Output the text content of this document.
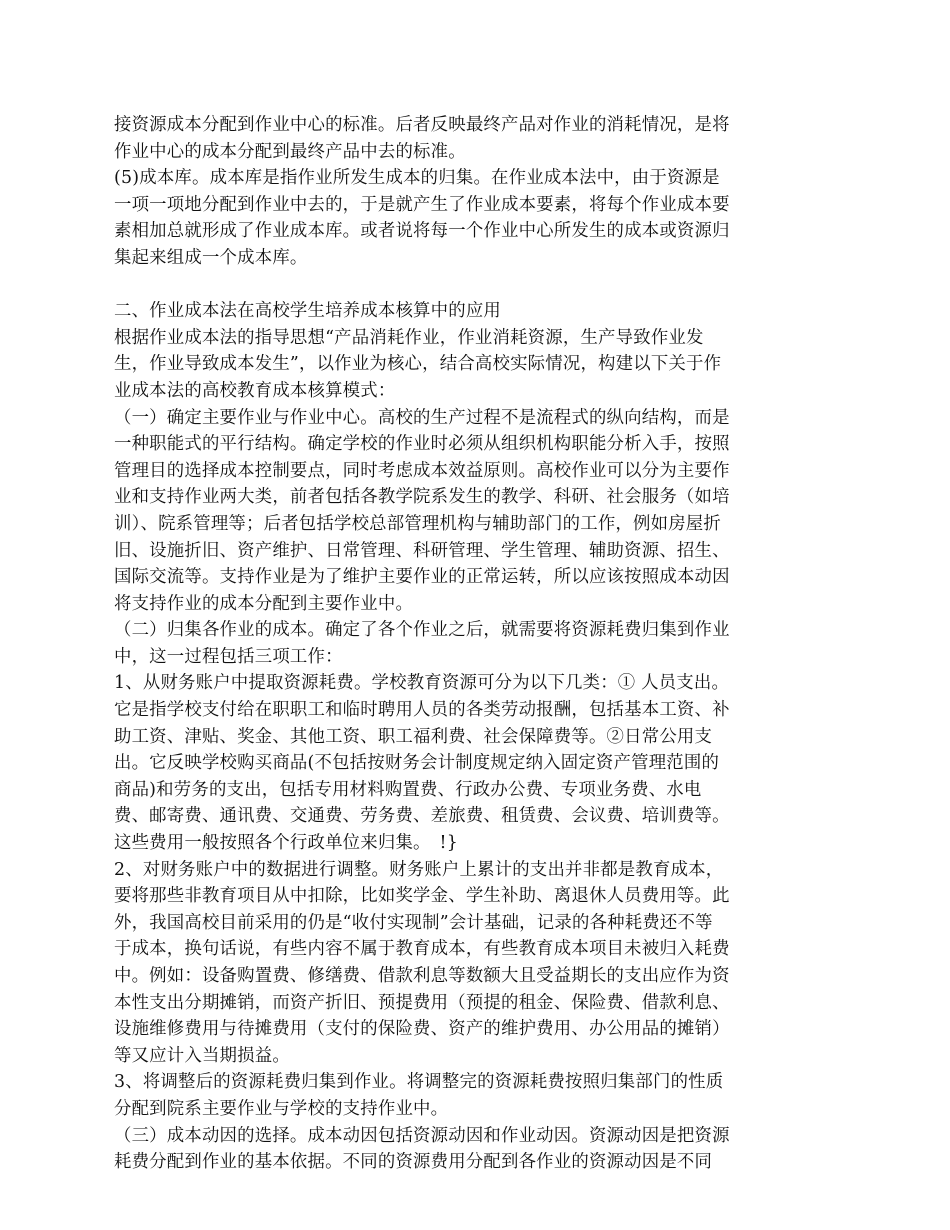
接资源成本分配到作业中心的标准。后者反映最终产品对作业的消耗情况，是将
作业中心的成本分配到最终产品中去的标准。
(5)成本库。成本库是指作业所发生成本的归集。在作业成本法中，由于资源是
一项一项地分配到作业中去的，于是就产生了作业成本要素，将每个作业成本要
素相加总就形成了作业成本库。或者说将每一个作业中心所发生的成本或资源归
集起来组成一个成本库。
二、作业成本法在高校学生培养成本核算中的应用
根据作业成本法的指导思想“产品消耗作业，作业消耗资源，生产导致作业发
生，作业导致成本发生”，以作业为核心，结合高校实际情况，构建以下关于作
业成本法的高校教育成本核算模式：
（一）确定主要作业与作业中心。高校的生产过程不是流程式的纵向结构，而是
一种职能式的平行结构。确定学校的作业时必须从组织机构职能分析入手，按照
管理目的选择成本控制要点，同时考虑成本效益原则。高校作业可以分为主要作
业和支持作业两大类，前者包括各教学院系发生的教学、科研、社会服务（如培
训）、院系管理等；后者包括学校总部管理机构与辅助部门的工作，例如房屋折
旧、设施折旧、资产维护、日常管理、科研管理、学生管理、辅助资源、招生、
国际交流等。支持作业是为了维护主要作业的正常运转，所以应该按照成本动因
将支持作业的成本分配到主要作业中。
（二）归集各作业的成本。确定了各个作业之后，就需要将资源耗费归集到作业
中，这一过程包括三项工作：
1、从财务账户中提取资源耗费。学校教育资源可分为以下几类：① 人员支出。
它是指学校支付给在职职工和临时聘用人员的各类劳动报酬，包括基本工资、补
助工资、津贴、奖金、其他工资、职工福利费、社会保障费等。②日常公用支
出。它反映学校购买商品(不包括按财务会计制度规定纳入固定资产管理范围的
商品)和劳务的支出，包括专用材料购置费、行政办公费、专项业务费、水电
费、邮寄费、通讯费、交通费、劳务费、差旅费、租赁费、会议费、培训费等。
这些费用一般按照各个行政单位来归集。　!}
2、对财务账户中的数据进行调整。财务账户上累计的支出并非都是教育成本，
要将那些非教育项目从中扣除，比如奖学金、学生补助、离退休人员费用等。此
外，我国高校目前采用的仍是“收付实现制”会计基础，记录的各种耗费还不等
于成本，换句话说，有些内容不属于教育成本，有些教育成本项目未被归入耗费
中。例如：设备购置费、修缮费、借款利息等数额大且受益期长的支出应作为资
本性支出分期摊销，而资产折旧、预提费用（预提的租金、保险费、借款利息、
设施维修费用与待摊费用（支付的保险费、资产的维护费用、办公用品的摊销）
等又应计入当期损益。
3、将调整后的资源耗费归集到作业。将调整完的资源耗费按照归集部门的性质
分配到院系主要作业与学校的支持作业中。
（三）成本动因的选择。成本动因包括资源动因和作业动因。资源动因是把资源
耗费分配到作业的基本依据。不同的资源费用分配到各作业的资源动因是不同
